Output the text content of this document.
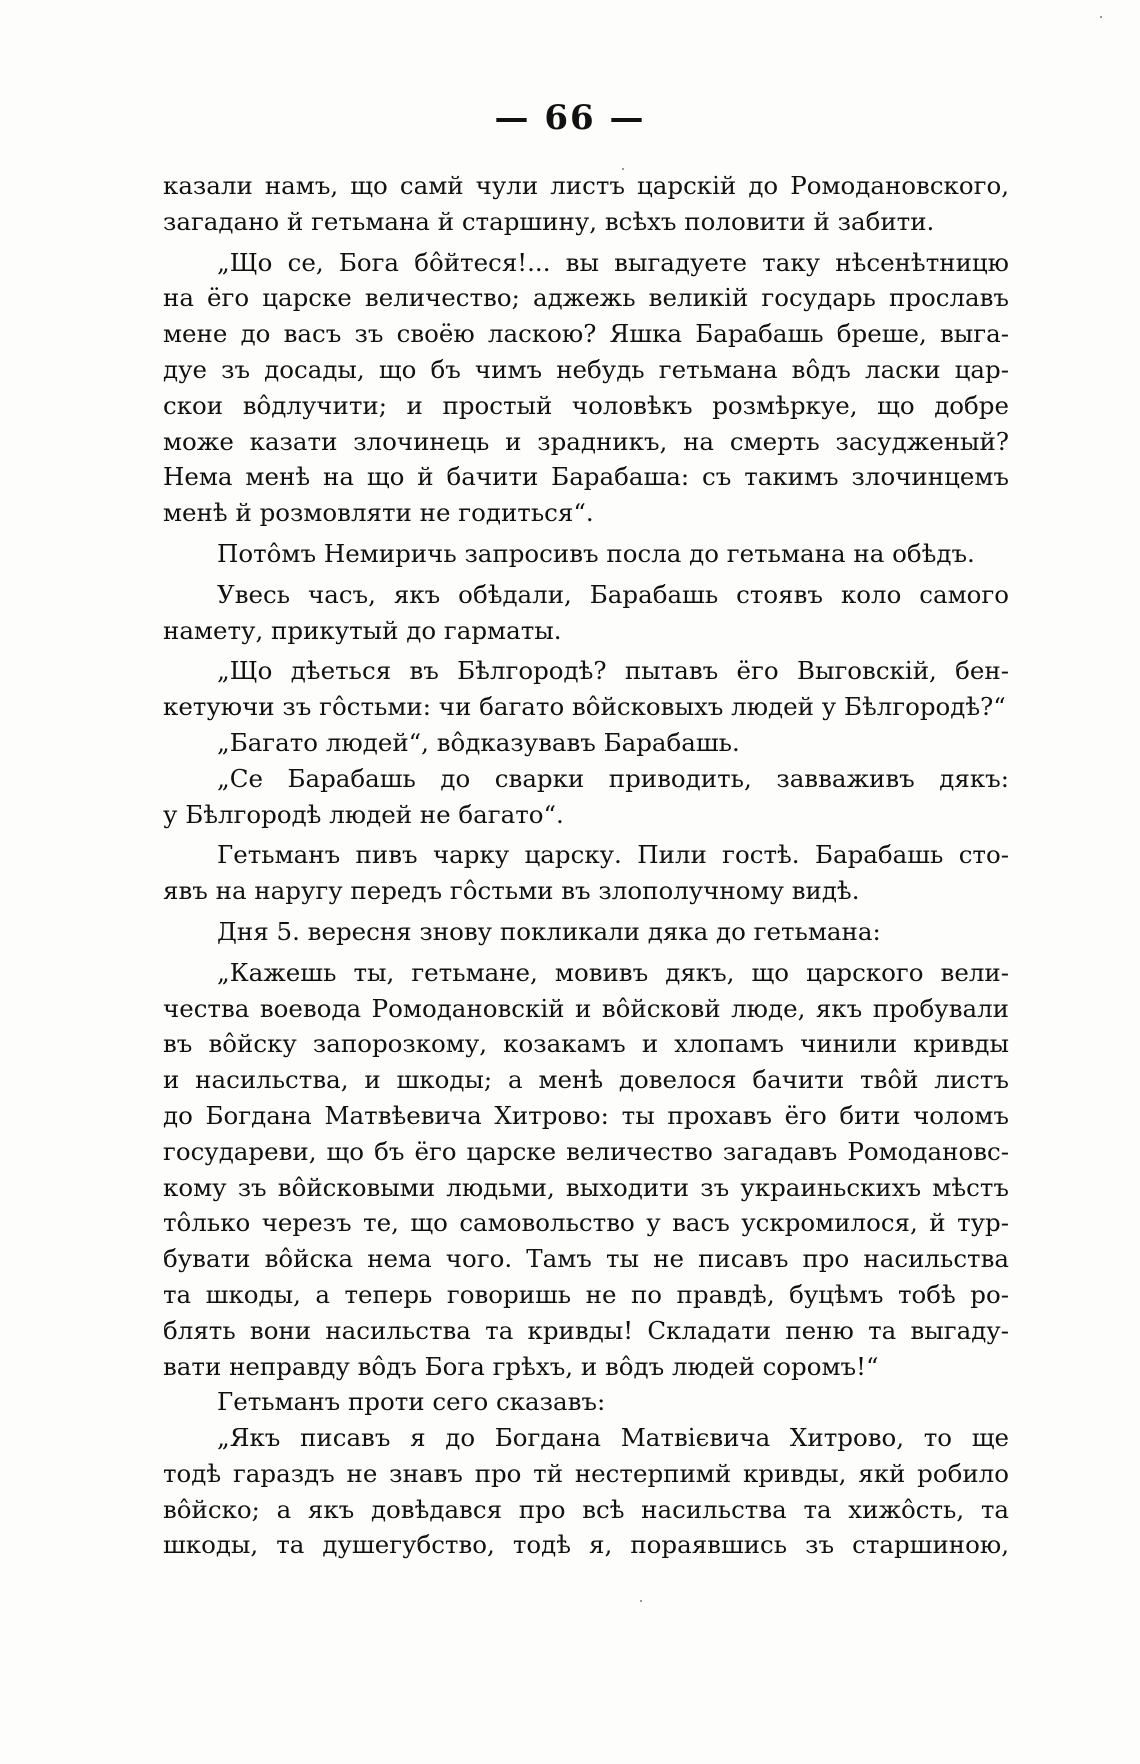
— 66 —
казали намъ, що самй чули листъ царскій до Ромодановского,
загадано й гетьмана й старшину, всѣхъ половити й забити.
„Що се, Бога бôйтеся!... вы выгадуете таку нѣсенѣтницю
на ёго царске величество; аджежь великій государь прославъ
мене до васъ зъ своёю ласкою? Яшка Барабашь бреше, выга-
дуе зъ досады, що бъ чимъ небудь гетьмана вôдъ ласки цар-
скои вôдлучити; и простый чоловѣкъ розмѣркуе, що добре
може казати злочинець и зрадникъ, на смерть засудженый?
Нема менѣ на що й бачити Барабаша: съ такимъ злочинцемъ
менѣ й розмовляти не годиться“.
Потôмъ Немиричь запросивъ посла до гетьмана на обѣдъ.
Увесь часъ, якъ обѣдали, Барабашь стоявъ коло самого
намету, прикутый до гарматы.
„Що дѣеться въ Бѣлгородѣ? пытавъ ёго Выговскій, бен-
кетуючи зъ гôстьми: чи багато вôйсковыхъ людей у Бѣлгородѣ?“
„Багато людей“, вôдказувавъ Барабашь.
„Се Барабашь до сварки приводить, завваживъ дякъ:
у Бѣлгородѣ людей не багато“.
Гетьманъ пивъ чарку царску. Пили гостѣ. Барабашь сто-
явъ на наругу передъ гôстьми въ злополучному видѣ.
Дня 5. вересня знову покликали дяка до гетьмана:
„Кажешь ты, гетьмане, мовивъ дякъ, що царского вели-
чества воевода Ромодановскій и вôйсковй люде, якъ пробували
въ вôйску запорозкому, козакамъ и хлопамъ чинили кривды
и насильства, и шкоды; а менѣ довелося бачити твôй листъ
до Богдана Матвѣевича Хитрово: ты прохавъ ёго бити чоломъ
государеви, що бъ ёго царске величество загадавъ Ромодановс-
кому зъ вôйсковыми людьми, выходити зъ украиньскихъ мѣстъ
тôлько черезъ те, що самовольство у васъ ускромилося, й тур-
бувати вôйска нема чого. Тамъ ты не писавъ про насильства
та шкоды, а теперь говоришь не по правдѣ, буцѣмъ тобѣ ро-
блять вони насильства та кривды! Складати пеню та выгаду-
вати неправду вôдъ Бога грѣхъ, и вôдъ людей соромъ!“
Гетьманъ проти сего сказавъ:
„Якъ писавъ я до Богдана Матвієвича Хитрово, то ще
тодѣ гараздъ не знавъ про тй нестерпимй кривды, якй робило
вôйско; а якъ довѣдався про всѣ насильства та хижôсть, та
шкоды, та душегубство, тодѣ я, пораявшись зъ старшиною,
